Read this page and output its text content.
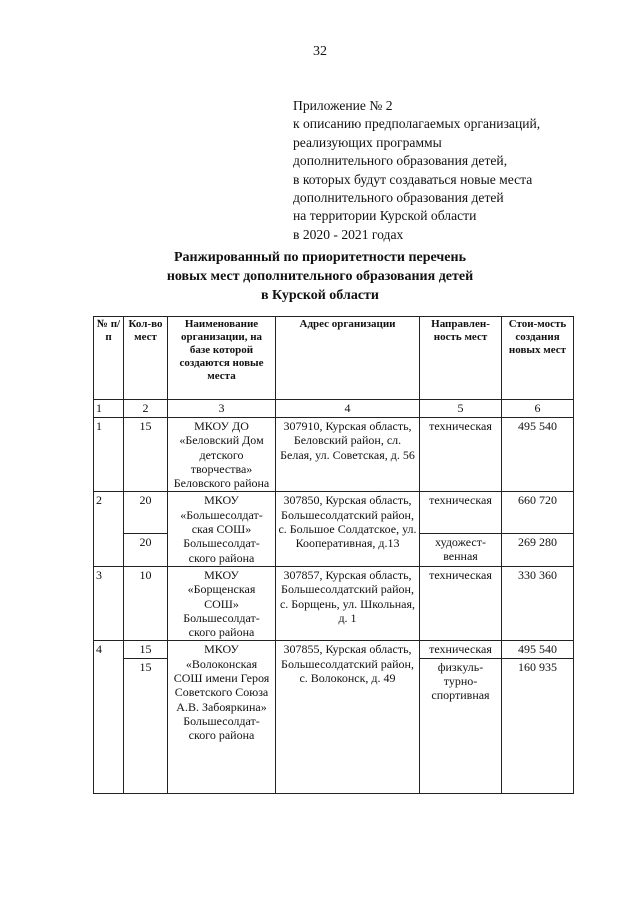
32
Приложение № 2
к описанию предполагаемых организаций,
реализующих программы
дополнительного образования детей,
в которых будут создаваться новые места
дополнительного образования детей
на территории Курской области
в 2020 - 2021 годах
Ранжированный по приоритетности перечень
новых мест дополнительного образования детей
в Курской области
№ п/п	Кол-во мест	Наименование организации, на базе которой создаются новые места	Адрес организации	Направлен-ность мест	Стои-мость создания новых мест
1	2	3	4	5	6
1	15	МКОУ ДО «Беловский Дом детского творчества» Беловского района	307910, Курская область, Беловский район, сл. Белая, ул. Советская, д. 56	техническая	495 540
2	20	МКОУ «Большесолдат-ская СОШ» Большесолдат-ского района	307850, Курская область, Большесолдатский район, с. Большое Солдатское, ул. Кооперативная, д.13	техническая	660 720
	20			художест-венная	269 280
3	10	МКОУ «Борщенская СОШ» Большесолдат-ского района	307857, Курская область, Большесолдатский район, с. Борщень, ул. Школьная, д. 1	техническая	330 360
4	15	МКОУ «Волоконская СОШ имени Героя Советского Союза А.В. Забояркина» Большесолдат-ского района	307855, Курская область, Большесолдатский район, с. Волоконск, д. 49	техническая	495 540
	15			физкуль-турно-спортивная	160 935
